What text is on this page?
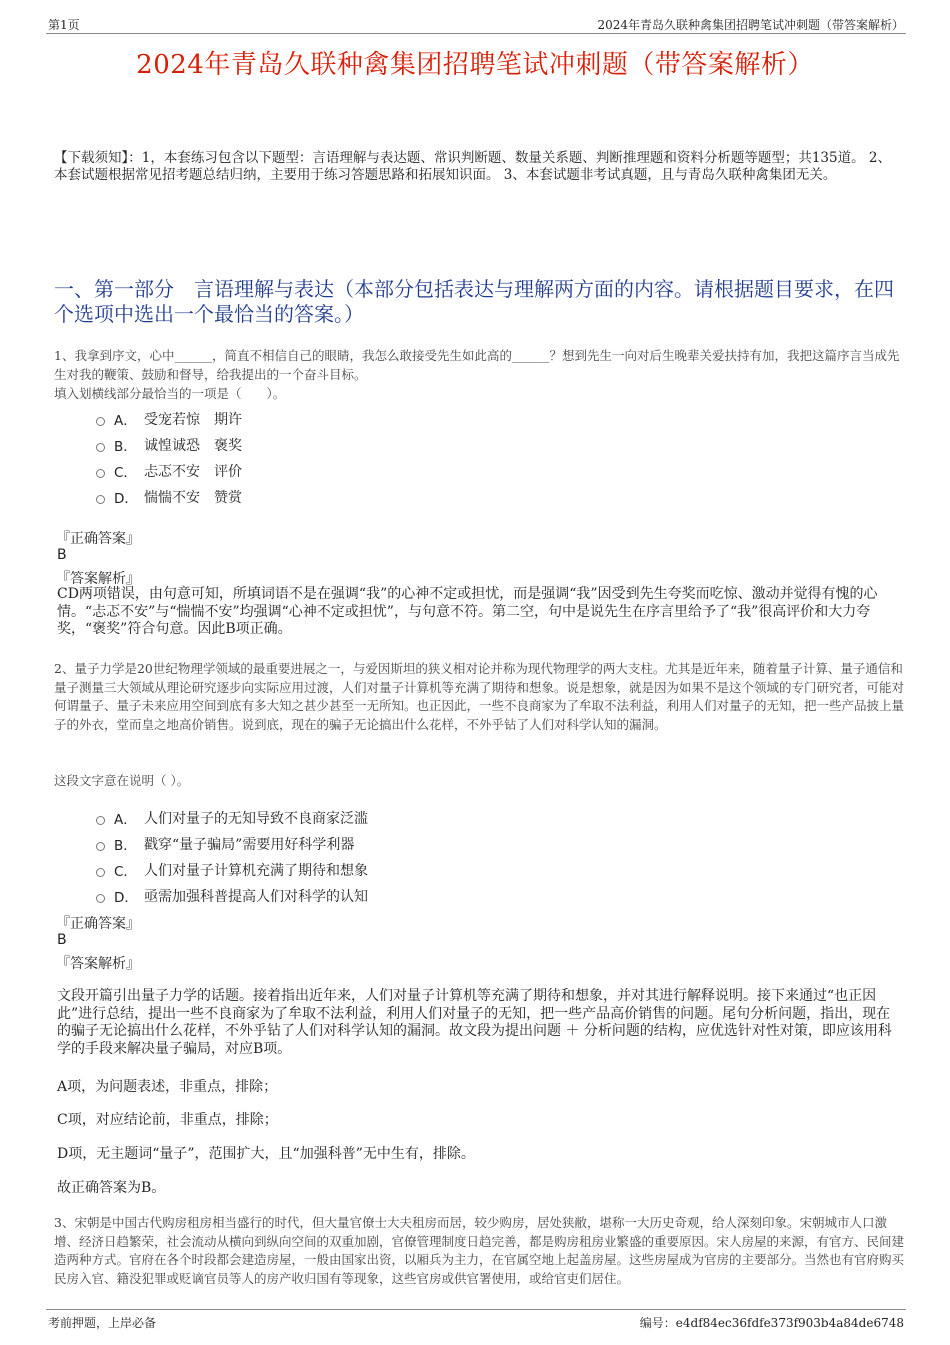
第1页	2024年青岛久联种禽集团招聘笔试冲刺题（带答案解析）
2024年青岛久联种禽集团招聘笔试冲刺题（带答案解析）
【下载须知】：1，本套练习包含以下题型：言语理解与表达题、常识判断题、数量关系题、判断推理题和资料分析题等题型；共135道。 2、本套试题根据常见招考题总结归纳，主要用于练习答题思路和拓展知识面。 3、本套试题非考试真题，且与青岛久联种禽集团无关。
一、第一部分　言语理解与表达（本部分包括表达与理解两方面的内容。请根据题目要求，在四个选项中选出一个最恰当的答案。）
1、我拿到序文，心中______，简直不相信自己的眼睛，我怎么敢接受先生如此高的______？想到先生一向对后生晚辈关爱扶持有加，我把这篇序言当成先生对我的鞭策、鼓励和督导，给我提出的一个奋斗目标。
填入划横线部分最恰当的一项是（　　）。
A． 受宠若惊　期许
B． 诚惶诚恐　褒奖
C． 忐忑不安　评价
D． 惴惴不安　赞赏
『正确答案』
B
『答案解析』
CD两项错误，由句意可知，所填词语不是在强调“我”的心神不定或担忧，而是强调“我”因受到先生夸奖而吃惊、激动并觉得有愧的心情。“忐忑不安”与“惴惴不安”均强调“心神不定或担忧”，与句意不符。第二空，句中是说先生在序言里给予了“我”很高评价和大力夸奖，“褒奖”符合句意。因此B项正确。
2、量子力学是20世纪物理学领域的最重要进展之一，与爱因斯坦的狭义相对论并称为现代物理学的两大支柱。尤其是近年来，随着量子计算、量子通信和量子测量三大领域从理论研究逐步向实际应用过渡，人们对量子计算机等充满了期待和想象。说是想象，就是因为如果不是这个领域的专门研究者，可能对何谓量子、量子未来应用空间到底有多大知之甚少甚至一无所知。也正因此，一些不良商家为了牟取不法利益，利用人们对量子的无知，把一些产品披上量子的外衣，堂而皇之地高价销售。说到底，现在的骗子无论搞出什么花样，不外乎钻了人们对科学认知的漏洞。
这段文字意在说明（ ）。
A． 人们对量子的无知导致不良商家泛滥
B． 戳穿“量子骗局”需要用好科学利器
C． 人们对量子计算机充满了期待和想象
D． 亟需加强科普提高人们对科学的认知
『正确答案』
B
『答案解析』
文段开篇引出量子力学的话题。接着指出近年来，人们对量子计算机等充满了期待和想象，并对其进行解释说明。接下来通过“也正因此”进行总结，提出一些不良商家为了牟取不法利益，利用人们对量子的无知，把一些产品高价销售的问题。尾句分析问题，指出，现在的骗子无论搞出什么花样，不外乎钻了人们对科学认知的漏洞。故文段为提出问题 ＋ 分析问题的结构，应优选针对性对策，即应该用科学的手段来解决量子骗局，对应B项。
A项，为问题表述，非重点，排除；
C项，对应结论前，非重点，排除；
D项，无主题词“量子”，范围扩大，且“加强科普”无中生有，排除。
故正确答案为B。
3、宋朝是中国古代购房租房相当盛行的时代，但大量官僚士大夫租房而居，较少购房，居处狭敝，堪称一大历史奇观，给人深刻印象。宋朝城市人口激增、经济日趋繁荣，社会流动从横向到纵向空间的双重加剧，官僚管理制度日趋完善，都是购房租房业繁盛的重要原因。宋人房屋的来源，有官方、民间建造两种方式。官府在各个时段都会建造房屋，一般由国家出资，以厢兵为主力，在官属空地上起盖房屋。这些房屋成为官房的主要部分。当然也有官府购买民房入官、籍没犯罪或贬谪官员等人的房产收归国有等现象，这些官房或供官署使用，或给官吏们居住。
考前押题，上岸必备	编号：e4df84ec36fdfe373f903b4a84de6748
